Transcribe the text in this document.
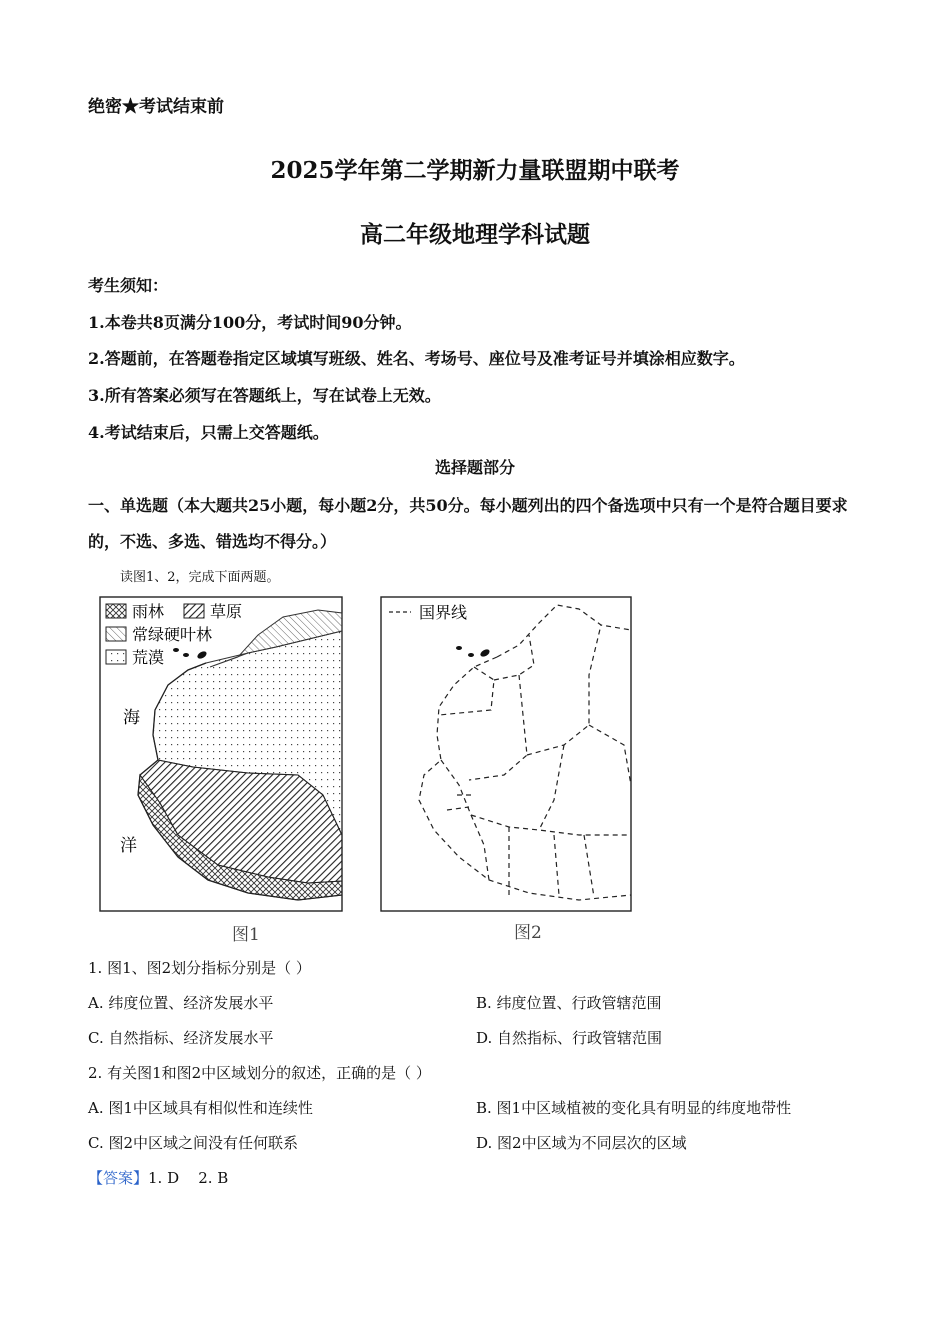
绝密★考试结束前
2025学年第二学期新力量联盟期中联考
高二年级地理学科试题
考生须知：
1.本卷共8页满分100分，考试时间90分钟。
2.答题前，在答题卷指定区域填写班级、姓名、考场号、座位号及准考证号并填涂相应数字。
3.所有答案必须写在答题纸上，写在试卷上无效。
4.考试结束后，只需上交答题纸。
选择题部分
一、单选题（本大题共25小题，每小题2分，共50分。每小题列出的四个备选项中只有一个是符合题目要求的，不选、多选、错选均不得分。）
读图1、2，完成下面两题。
雨林	草原
常绿硬叶林
荒漠
海
洋
图1
国界线
图2
1. 图1、图2划分指标分别是（ ）
A. 纬度位置、经济发展水平	B. 纬度位置、行政管辖范围
C. 自然指标、经济发展水平	D. 自然指标、行政管辖范围
2. 有关图1和图2中区域划分的叙述，正确的是（ ）
A. 图1中区域具有相似性和连续性	B. 图1中区域植被的变化具有明显的纬度地带性
C. 图2中区域之间没有任何联系	D. 图2中区域为不同层次的区域
【答案】1. D    2. B
